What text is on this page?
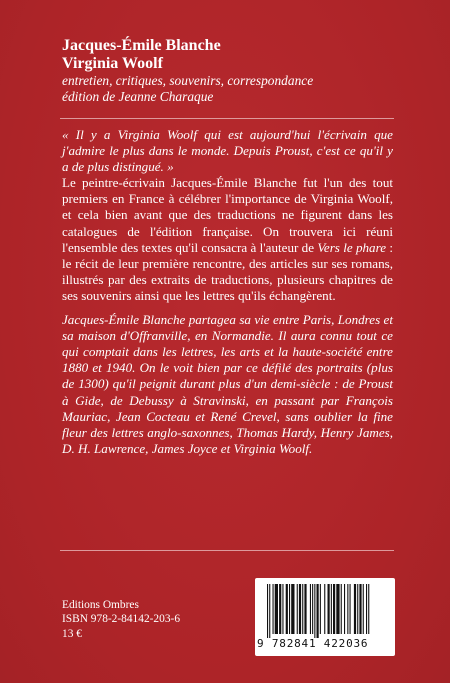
Jacques-Émile Blanche
Virginia Woolf
entretien, critiques, souvenirs, correspondance
édition de Jeanne Charaque

« Il y a Virginia Woolf qui est aujourd'hui l'écrivain que j'admire le plus dans le monde. Depuis Proust, c'est ce qu'il y a de plus distingué. »

Le peintre-écrivain Jacques-Émile Blanche fut l'un des tout premiers en France à célébrer l'importance de Virginia Woolf, et cela bien avant que des traductions ne figurent dans les catalogues de l'édition française. On trouvera ici réuni l'ensemble des textes qu'il consacra à l'auteur de Vers le phare : le récit de leur première rencontre, des articles sur ses romans, illustrés par des extraits de traductions, plusieurs chapitres de ses souvenirs ainsi que les lettres qu'ils échangèrent.

Jacques-Émile Blanche partagea sa vie entre Paris, Londres et sa maison d'Offranville, en Normandie. Il aura connu tout ce qui comptait dans les lettres, les arts et la haute-société entre 1880 et 1940. On le voit bien par ce défilé des portraits (plus de 1300) qu'il peignit durant plus d'un demi-siècle : de Proust à Gide, de Debussy à Stravinski, en passant par François Mauriac, Jean Cocteau et René Crevel, sans oublier la fine fleur des lettres anglo-saxonnes, Thomas Hardy, Henry James, D. H. Lawrence, James Joyce et Virginia Woolf.

Editions Ombres
ISBN 978-2-84142-203-6
13 €
9 782841 422036
